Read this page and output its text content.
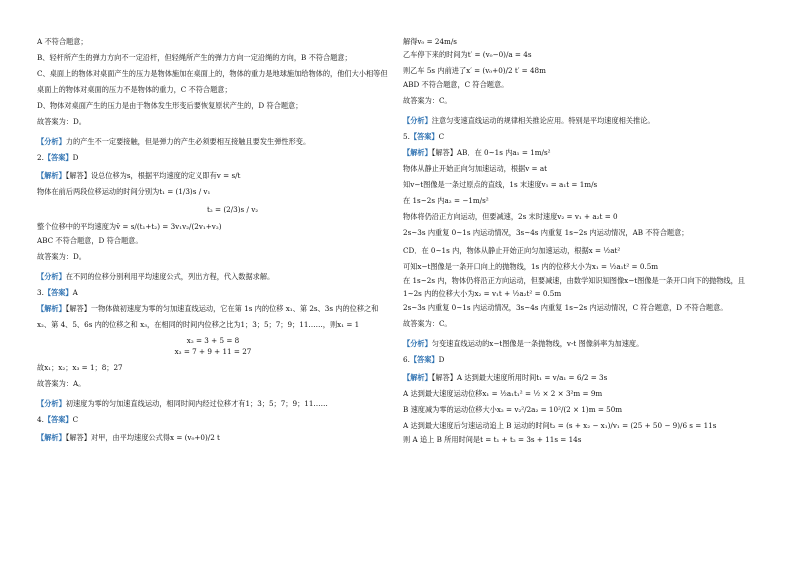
A 不符合题意；

B、轻杆所产生的弹力方向不一定沿杆，但轻绳所产生的弹力方向一定沿绳的方向，B 不符合题意；

C、桌面上的物体对桌面产生的压力是物体施加在桌面上的，物体的重力是地球施加给物体的，他们大小相等但

桌面上的物体对桌面的压力不是物体的重力，C 不符合题意；

D、物体对桌面产生的压力是由于物体发生形变后要恢复原状产生的，D 符合题意；

故答案为：D。

【分析】力的产生不一定要接触，但是弹力的产生必须要相互接触且要发生弹性形变。

2.【答案】D

【解析】【解答】设总位移为s，根据平均速度的定义即有v = s/t

物体在前后两段位移运动的时间分别为t₁ = (1/3)s / v₁

t₂ = (2/3)s / v₂

整个位移中的平均速度为v̄ = s/(t₁+t₂) = 3v₁v₂/(2v₁+v₂)

ABC 不符合题意，D 符合题意。

故答案为：D。

【分析】在不同的位移分别利用平均速度公式，列出方程，代入数据求解。

3.【答案】A

【解析】【解答】一物体做初速度为零的匀加速直线运动，它在第 1s 内的位移 x₁、第 2s、3s 内的位移之和

x₂、第 4、5、6s 内的位移之和 x₃，在相同的时间内位移之比为1；3；5；7；9；11……，则x₁ = 1

x₂ = 3 + 5 = 8

x₃ = 7 + 9 + 11 = 27

故x₁；x₂；x₃ = 1；8；27

故答案为：A。

【分析】初速度为零的匀加速直线运动，相同时间内经过位移才有1；3；5；7；9；11……

4.【答案】C

【解析】【解答】对甲，由平均速度公式得x = (v₀+0)/2 t

解得v₀ = 24m/s

乙车停下来的时间为t′ = (v₀−0)/a = 4s

则乙车 5s 内前进了x′ = (v₀+0)/2 t′ = 48m

ABD 不符合题意，C 符合题意。

故答案为：C。

【分析】注意匀变速直线运动的规律相关推论应用。特别是平均速度相关推论。

5.【答案】C

【解析】【解答】AB．在 0~1s 内a₁ = 1m/s²

物体从静止开始正向匀加速运动，根据v = at

知v−t图像是一条过原点的直线，1s 末速度v₁ = a₁t = 1m/s

在 1s~2s 内a₂ = −1m/s²

物体将仍沿正方向运动，但要减速，2s 末时速度v₂ = v₁ + a₂t = 0

2s~3s 内重复 0~1s 内运动情况，3s~4s 内重复 1s~2s 内运动情况，AB 不符合题意；

CD．在 0~1s 内，物体从静止开始正向匀加速运动，根据x = ½at²

可知x−t图像是一条开口向上的抛物线，1s 内的位移大小为x₁ = ½a₁t² = 0.5m

在 1s~2s 内，物体仍将沿正方向运动，但要减速，由数学知识知图像x−t图像是一条开口向下的抛物线，且

1~2s 内的位移大小为x₂ = v₁t + ½a₂t² = 0.5m

2s~3s 内重复 0~1s 内运动情况，3s~4s 内重复 1s~2s 内运动情况，C 符合题意，D 不符合题意。

故答案为：C。

【分析】匀变速直线运动的x−t图像是一条抛物线，v-t 图像斜率为加速度。

6.【答案】D

【解析】【解答】A 达到最大速度所用时间t₁ = v/a₁ = 6/2 = 3s

A 达到最大速度运动位移x₁ = ½a₁t₁² = ½ × 2 × 3²m = 9m

B 速度减为零的运动位移大小x₂ = v₂²/2a₂ = 10²/(2 × 1)m = 50m

A 达到最大速度后匀速运动追上 B 运动的时间t₂ = (s + x₂ − x₁)/v₁ = (25 + 50 − 9)/6 s = 11s

则 A 追上 B 所用时间是t = t₁ + t₂ = 3s + 11s = 14s
